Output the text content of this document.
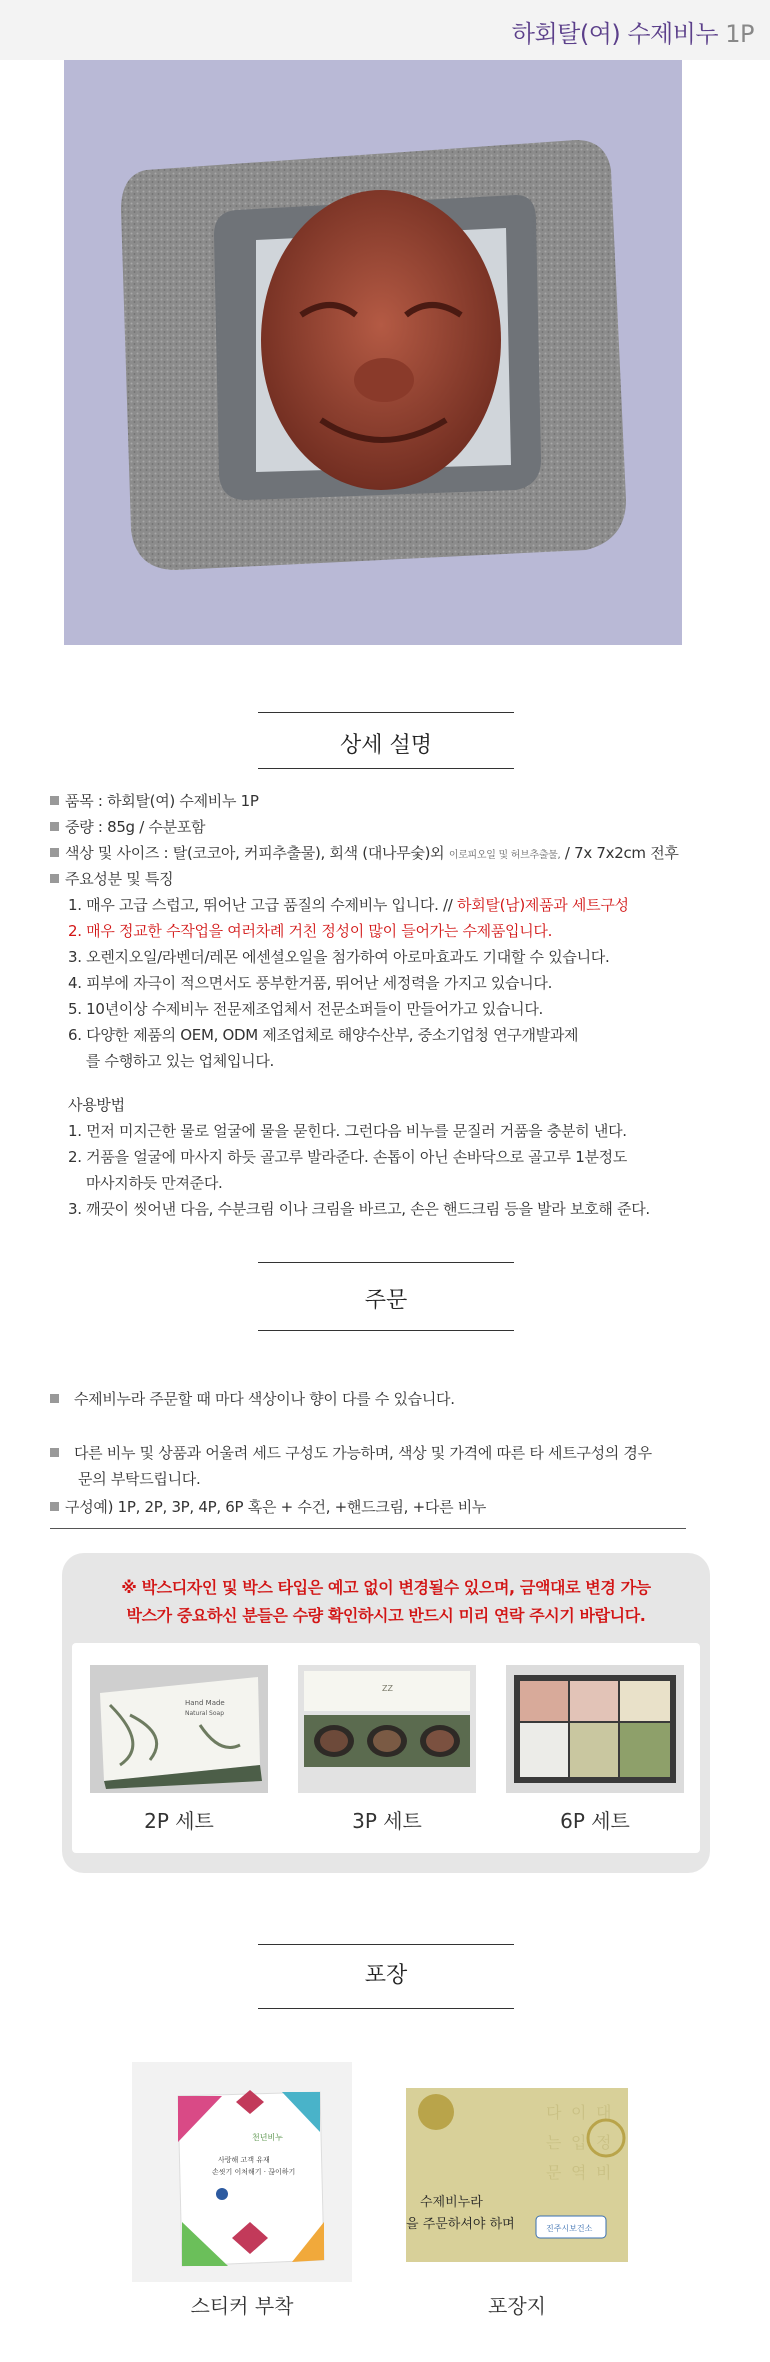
하회탈(여) 수제비누 1P
상세 설명
품목 : 하회탈(여) 수제비누 1P
중량 : 85g / 수분포함
색상 및 사이즈 : 탈(코코아, 커피추출물), 회색 (대나무숯)외 이로피오일 및 허브추출물, / 7x 7x2cm 전후
주요성분 및 특징
1. 매우 고급 스럽고, 뛰어난 고급 품질의 수제비누 입니다. // 하회탈(남)제품과 세트구성
2. 매우 정교한 수작업을 여러차례 거친 정성이 많이 들어가는 수제품입니다.
3. 오렌지오일/라벤더/레몬 에센셜오일을 첨가하여 아로마효과도 기대할 수 있습니다.
4. 피부에 자극이 적으면서도 풍부한거품, 뛰어난 세정력을 가지고 있습니다.
5. 10년이상 수제비누 전문제조업체서 전문소퍼들이 만들어가고 있습니다.
6. 다양한 제품의 OEM, ODM 제조업체로 해양수산부, 중소기업청 연구개발과제
를 수행하고 있는 업체입니다.
사용방법
1. 먼저 미지근한 물로 얼굴에 물을 묻힌다. 그런다음 비누를 문질러 거품을 충분히 낸다.
2. 거품을 얼굴에 마사지 하듯 골고루 발라준다. 손톱이 아닌 손바닥으로 골고루 1분정도
마사지하듯 만져준다.
3. 깨끗이 씻어낸 다음, 수분크림 이나 크림을 바르고, 손은 핸드크림 등을 발라 보호해 준다.
주문
수제비누라 주문할 때 마다 색상이나 향이 다를 수 있습니다.
다른 비누 및 상품과 어울려 세드 구성도 가능하며, 색상 및 가격에 따른 타 세트구성의 경우
문의 부탁드립니다.
구성예) 1P, 2P, 3P, 4P, 6P 혹은 + 수건, +핸드크림, +다른 비누
※ 박스디자인 및 박스 타입은 예고 없이 변경될수 있으며, 금액대로 변경 가능
박스가 중요하신 분들은 수량 확인하시고 반드시 미리 연락 주시기 바랍니다.
Hand Made
Natural Soap
2P 세트
ZZ
3P 세트	6P 세트
포장
천년비누
사랑해 고객 유재
손씻기 이처해기 · 끊이하기
스티커 부착
다 이 대
는 입 정
문 역 비
수제비누라
을 주문하셔야 하며	진주시보건소
포장지
